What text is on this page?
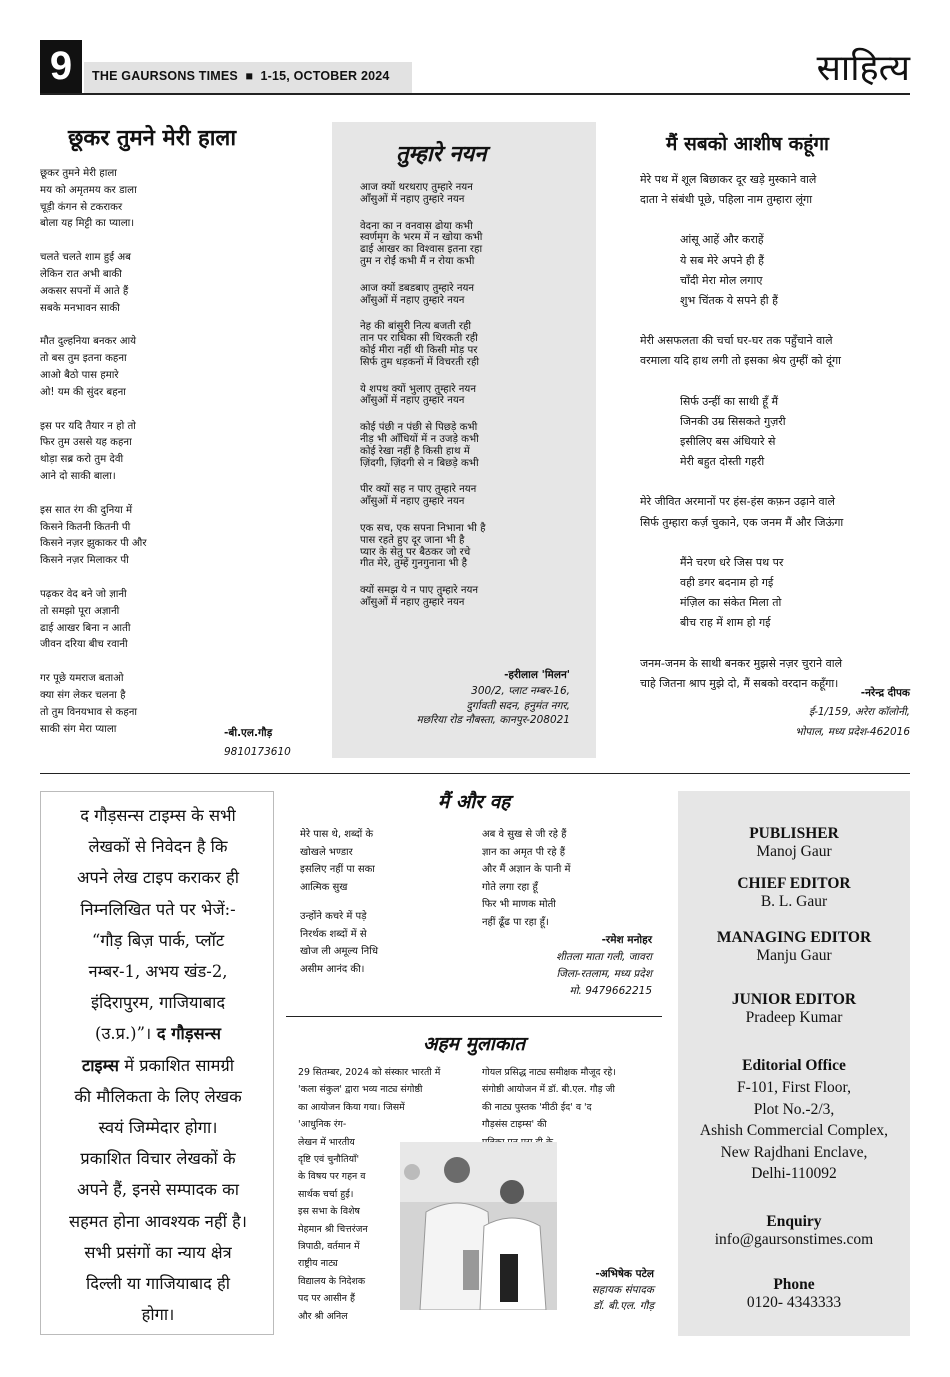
9	THE GAURSONS TIMES  ■  1-15, OCTOBER 2024	साहित्य
छूकर तुमने मेरी हाला
छूकर तुमने मेरी हाला
मय को अमृतमय कर डाला
चूड़ी कंगन से टकराकर
बोला यह मिट्टी का प्याला।
चलते चलते शाम हुई अब
लेकिन रात अभी बाकी
अकसर सपनों में आते हैं
सबके मनभावन साकी
मौत दुल्हनिया बनकर आये
तो बस तुम इतना कहना
आओ बैठो पास हमारे
ओ! यम की सुंदर बहना
इस पर यदि तैयार न हो तो
फिर तुम उससे यह कहना
थोड़ा सब्र करो तुम देवी
आने दो साकी बाला।
इस सात रंग की दुनिया में
किसने कितनी कितनी पी
किसने नज़र झुकाकर पी और
किसने नज़र मिलाकर पी
पढ़कर वेद बने जो ज्ञानी
तो समझो पूरा अज्ञानी
ढाई आखर बिना न आती
जीवन दरिया बीच रवानी
गर पूछे यमराज बताओ
क्या संग लेकर चलना है
तो तुम विनयभाव से कहना
साकी संग मेरा प्याला	-बी.एल.गौड़
9810173610
तुम्हारे नयन
आज क्यों थरथराए तुम्हारे नयन
आँसुओं में नहाए तुम्हारे नयन
वेदना का न वनवास ढोया कभी
स्वर्णमृग के भरम में न खोया कभी
ढाई आखर का विश्वास इतना रहा
तुम न रोईं कभी मैं न रोया कभी
आज क्यों डबडबाए तुम्हारे नयन
आँसुओं में नहाए तुम्हारे नयन
नेह की बांसुरी नित्य बजती रही
तान पर राधिका सी थिरकती रही
कोई मीरा नहीं थी किसी मोड़ पर
सिर्फ तुम धड़कनों में विचरती रही
ये शपथ क्यों भुलाए तुम्हारे नयन
आँसुओं में नहाए तुम्हारे नयन
कोई पंछी न पंछी से पिछड़े कभी
नीड़ भी आँधियों में न उजड़े कभी
कोई रेखा नहीं है किसी हाथ में
ज़िंदगी, ज़िंदगी से न बिछड़े कभी
पीर क्यों सह न पाए तुम्हारे नयन
आँसुओं में नहाए तुम्हारे नयन
एक सच, एक सपना निभाना भी है
पास रहते हुए दूर जाना भी है
प्यार के सेतु पर बैठकर जो रचे
गीत मेरे, तुम्हें गुनगुनाना भी है
क्यों समझ ये न पाए तुम्हारे नयन
आँसुओं में नहाए तुम्हारे नयन
-हरीलाल 'मिलन'
300/2, प्लाट नम्बर-16,
दुर्गावती सदन, हनुमंत नगर,
मछरिया रोड नौबस्ता, कानपुर-208021
मैं सबको आशीष कहूंगा
मेरे पथ में शूल बिछाकर दूर खड़े मुस्काने वाले
दाता ने संबंधी पूछे, पहिला नाम तुम्हारा लूंगा
आंसू आहें और कराहें
ये सब मेरे अपने ही हैं
चाँदी मेरा मोल लगाए
शुभ चिंतक ये सपने ही हैं
मेरी असफलता की चर्चा घर-घर तक पहुँचाने वाले
वरमाला यदि हाथ लगी तो इसका श्रेय तुम्हीं को दूंगा
सिर्फ उन्हीं का साथी हूँ मैं
जिनकी उम्र सिसकते गुज़री
इसीलिए बस अंधियारे से
मेरी बहुत दोस्ती गहरी
मेरे जीवित अरमानों पर हंस-हंस कफ़न उढ़ाने वाले
सिर्फ तुम्हारा कर्ज़ चुकाने, एक जनम मैं और जिऊंगा
मैंने चरण धरे जिस पथ पर
वही डगर बदनाम हो गई
मंज़िल का संकेत मिला तो
बीच राह में शाम हो गई
जनम-जनम के साथी बनकर मुझसे नज़र चुराने वाले
चाहे जितना श्राप मुझे दो, मैं सबको वरदान कहूँगा।
-नरेन्द्र दीपक
ई-1/159, अरेरा कॉलोनी,
भोपाल, मध्य प्रदेश-462016
द गौड़सन्स टाइम्स के सभी
लेखकों से निवेदन है कि
अपने लेख टाइप कराकर ही
निम्नलिखित पते पर भेजें:-
“गौड़ बिज़ पार्क, प्लॉट
नम्बर-1, अभय खंड-2,
इंदिरापुरम, गाजियाबाद
(उ.प्र.)”। द गौड़सन्स
टाइम्स में प्रकाशित सामग्री
की मौलिकता के लिए लेखक
स्वयं जिम्मेदार होगा।
प्रकाशित विचार लेखकों के
अपने हैं, इनसे सम्पादक का
सहमत होना आवश्यक नहीं है।
सभी प्रसंगों का न्याय क्षेत्र
दिल्ली या गाजियाबाद ही
होगा।
मैं और वह
मेरे पास थे, शब्दों के
खोखले भण्डार
इसलिए नहीं पा सका
आत्मिक सुख
उन्होंने कचरे में पड़े
निरर्थक शब्दों में से
खोज ली अमूल्य निधि
असीम आनंद की।
अब वे सुख से जी रहे हैं
ज्ञान का अमृत पी रहे हैं
और मैं अज्ञान के पानी में
गोते लगा रहा हूँ
फिर भी माणक मोती
नहीं ढूँढ पा रहा हूँ।
-रमेश मनोहर
शीतला माता गली, जावरा
जिला-रतलाम, मध्य प्रदेश
मो. 9479662215
अहम मुलाकात
29 सितम्बर, 2024 को संस्कार भारती में
'कला संकुल' द्वारा भव्य नाट्य संगोष्ठी
का आयोजन किया गया। जिसमें
'आधुनिक रंग-
लेखन में भारतीय
दृष्टि एवं चुनौतियाँ'
के विषय पर गहन व
सार्थक चर्चा हुई।
इस सभा के विशेष
मेहमान श्री चित्तरंजन
त्रिपाठी, वर्तमान में
राष्ट्रीय नाट्य
विद्यालय के निदेशक
पद पर आसीन हैं
और श्री अनिल
गोयल प्रसिद्ध नाट्य समीक्षक मौजूद रहे।
संगोष्ठी आयोजन में डॉ. बी.एल. गौड़ जी
की नाट्य पुस्तक 'मीठी ईद' व 'द
गौड़संस टाइम्स' की
-अभिषेक पटेल
सहायक संपादक
डॉ. बी.एल. गौड़
PUBLISHER
Manoj Gaur
CHIEF EDITOR
B. L. Gaur
MANAGING EDITOR
Manju Gaur
JUNIOR EDITOR
Pradeep Kumar
Editorial Office
F-101, First Floor,
Plot No.-2/3,
Ashish Commercial Complex,
New Rajdhani Enclave,
Delhi-110092
Enquiry
info@gaursonstimes.com
Phone
0120- 4343333
